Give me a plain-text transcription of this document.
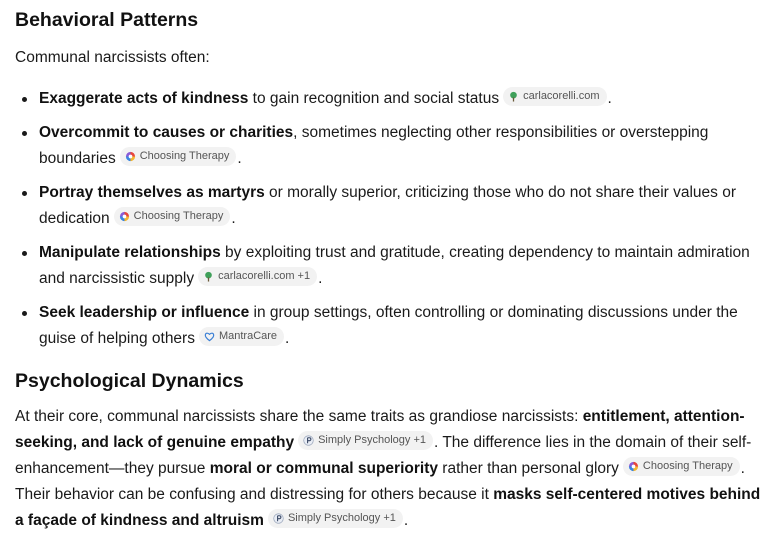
Behavioral Patterns

Communal narcissists often:

Exaggerate acts of kindness to gain recognition and social status carlacorelli.com .
Overcommit to causes or charities, sometimes neglecting other responsibilities or overstepping boundaries Choosing Therapy .
Portray themselves as martyrs or morally superior, criticizing those who do not share their values or dedication Choosing Therapy .
Manipulate relationships by exploiting trust and gratitude, creating dependency to maintain admiration and narcissistic supply carlacorelli.com +1 .
Seek leadership or influence in group settings, often controlling or dominating discussions under the guise of helping others MantraCare .
Psychological Dynamics

At their core, communal narcissists share the same traits as grandiose narcissists: entitlement, attention-seeking, and lack of genuine empathy Simply Psychology +1 . The difference lies in the domain of their self-enhancement—they pursue moral or communal superiority rather than personal glory Choosing Therapy . Their behavior can be confusing and distressing for others because it masks self-centered motives behind a façade of kindness and altruism Simply Psychology +1 .
